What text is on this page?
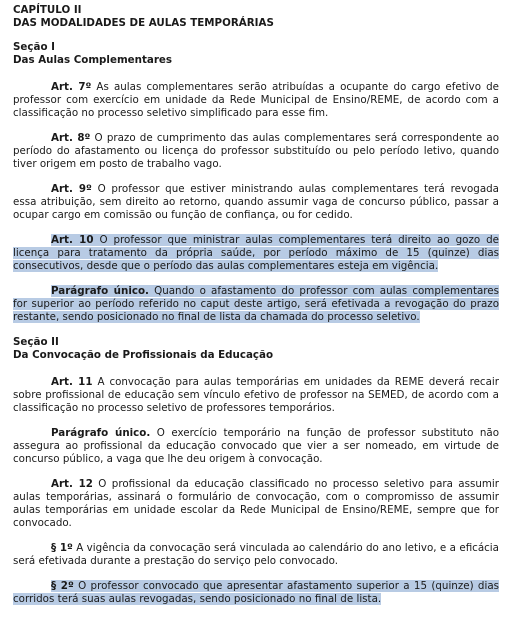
CAPÍTULO II
DAS MODALIDADES DE AULAS TEMPORÁRIAS

Seção I
Das Aulas Complementares

Art. 7º As aulas complementares serão atribuídas a ocupante do cargo efetivo de professor com exercício em unidade da Rede Municipal de Ensino/REME, de acordo com a classificação no processo seletivo simplificado para esse fim.

Art. 8º O prazo de cumprimento das aulas complementares será correspondente ao período do afastamento ou licença do professor substituído ou pelo período letivo, quando tiver origem em posto de trabalho vago.

Art. 9º O professor que estiver ministrando aulas complementares terá revogada essa atribuição, sem direito ao retorno, quando assumir vaga de concurso público, passar a ocupar cargo em comissão ou função de confiança, ou for cedido.

Art. 10 O professor que ministrar aulas complementares terá direito ao gozo de licença para tratamento da própria saúde, por período máximo de 15 (quinze) dias consecutivos, desde que o período das aulas complementares esteja em vigência.

Parágrafo único. Quando o afastamento do professor com aulas complementares for superior ao período referido no caput deste artigo, será efetivada a revogação do prazo restante, sendo posicionado no final de lista da chamada do processo seletivo.

Seção II
Da Convocação de Profissionais da Educação

Art. 11 A convocação para aulas temporárias em unidades da REME deverá recair sobre profissional de educação sem vínculo efetivo de professor na SEMED, de acordo com a classificação no processo seletivo de professores temporários.

Parágrafo único. O exercício temporário na função de professor substituto não assegura ao profissional da educação convocado que vier a ser nomeado, em virtude de concurso público, a vaga que lhe deu origem à convocação.

Art. 12 O profissional da educação classificado no processo seletivo para assumir aulas temporárias, assinará o formulário de convocação, com o compromisso de assumir aulas temporárias em unidade escolar da Rede Municipal de Ensino/REME, sempre que for convocado.

§ 1º A vigência da convocação será vinculada ao calendário do ano letivo, e a eficácia será efetivada durante a prestação do serviço pelo convocado.

§ 2º O professor convocado que apresentar afastamento superior a 15 (quinze) dias corridos terá suas aulas revogadas, sendo posicionado no final de lista.
